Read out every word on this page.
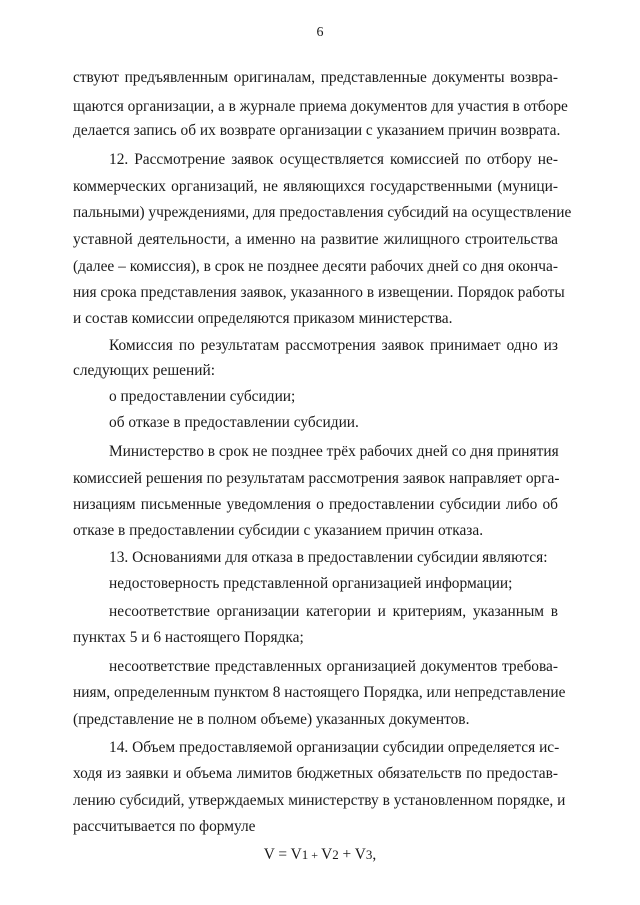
6
ствуют предъявленным оригиналам, представленные документы возвра-
щаются организации, а в журнале приема документов для участия в отборе
делается запись об их возврате организации с указанием причин возврата.
12. Рассмотрение заявок осуществляется комиссией по отбору не-
коммерческих организаций, не являющихся государственными (муници-
пальными) учреждениями, для предоставления субсидий на осуществление
уставной деятельности, а именно на развитие жилищного строительства
(далее – комиссия), в срок не позднее десяти рабочих дней со дня оконча-
ния срока представления заявок, указанного в извещении. Порядок работы
и состав комиссии определяются приказом министерства.
Комиссия по результатам рассмотрения заявок принимает одно из
следующих решений:
о предоставлении субсидии;
об отказе в предоставлении субсидии.
Министерство в срок не позднее трёх рабочих дней со дня принятия
комиссией решения по результатам рассмотрения заявок направляет орга-
низациям письменные уведомления о предоставлении субсидии либо об
отказе в предоставлении субсидии с указанием причин отказа.
13. Основаниями для отказа в предоставлении субсидии являются:
недостоверность представленной организацией информации;
несоответствие организации категории и критериям, указанным в
пунктах 5 и 6 настоящего Порядка;
несоответствие представленных организацией документов требова-
ниям, определенным пунктом 8 настоящего Порядка, или непредставление
(представление не в полном объеме) указанных документов.
14. Объем предоставляемой организации субсидии определяется ис-
ходя из заявки и объема лимитов бюджетных обязательств по предостав-
лению субсидий, утверждаемых министерству в установленном порядке, и
рассчитывается по формуле
V = V1 + V2 + V3,
